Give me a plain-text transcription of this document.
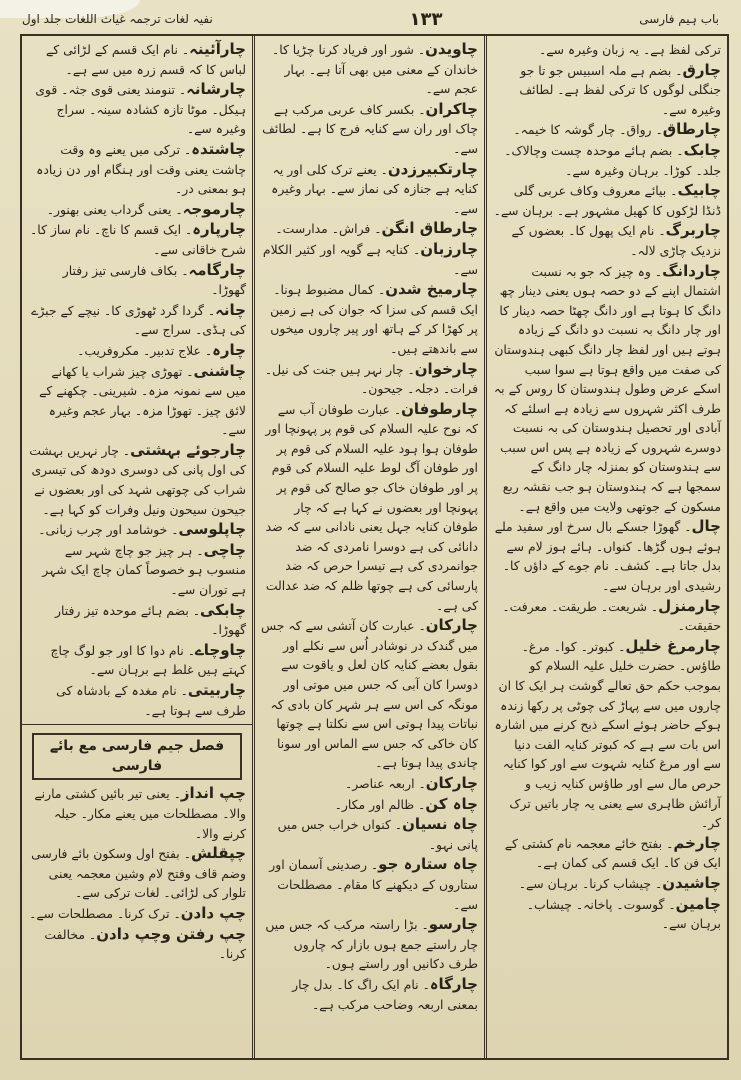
باب ہیم فارسی
۱۳۳
نفیہ لغات ترجمہ غیاث اللغات جلد اول
ترکی لفظ ہے۔ یہ زبان وغیرہ سے۔
چارق۔ بضم ہے ملہ اسبیس جو تا جو جنگلی لوگوں کا ترکی لفظ ہے۔ لطائف وغیرہ سے۔
چارطاق۔ رواق۔ چار گوشہ کا خیمہ۔
چابک۔ بضم ہائے موحدہ چست وچالاک۔ جلد۔ کوڑا۔ برہان وغیرہ سے۔
چابیک۔ بیائے معروف وکاف عربی گلی ڈنڈا لڑکوں کا کھیل مشہور ہے۔ برہان سے۔
چاربرگ۔ نام ایک پھول کا۔ بعضوں کے نزدیک چاڑی لالہ۔
چاردانگ۔ وہ چیز کہ جو بہ نسبت اشتمال اپنے کے دو حصہ ہوں یعنی دینار چھ دانگ کا ہوتا ہے اور دانگ چھٹا حصہ دینار کا اور چار دانگ بہ نسبت دو دانگ کے زیادہ ہوتے ہیں اور لفظ چار دانگ کبھی ہندوستان کی صفت میں واقع ہوتا ہے سوا سبب اسکے عرض وطول ہندوستان کا روس کے بہ طرف اکثر شہروں سے زیادہ ہے اسلئے کہ آبادی اور تحصیل ہندوستان کی بہ نسبت دوسرے شہروں کے زیادہ ہے پس اس سبب سے ہندوستان کو بمنزلہ چار دانگ کے سمجھا ہے کہ ہندوستان ہو جب نقشہ ربع مسکون کے جوتھی ولایت میں واقع ہے۔
چال۔ گھوڑا جسکے بال سرخ اور سفید ملے ہوئے ہوں گڑھا۔ کنواں۔ ہائے ہوز لام سے بدل جاتا ہے۔ کشف۔ نام جوے کے داؤں کا۔ رشیدی اور برہان سے۔
چارمنزل۔ شریعت۔ طریقت۔ معرفت۔ حقیقت۔
چارمرغ خلیل۔ کبوتر۔ کوا۔ مرغ۔ طاؤس۔ حضرت خلیل علیہ السلام کو بموجب حکم حق تعالے گوشت ہر ایک کا ان چاروں میں سے پہاڑ کی چوٹی پر رکھا زندہ ہوکے حاضر ہوئے اسکے ذبح کرنے میں اشارہ اس بات سے ہے کہ کبوتر کنایہ الفت دنیا سے اور مرغ کنایہ شہوت سے اور کوا کنایہ حرص مال سے اور طاؤس کنایہ زیب و آرائش ظاہری سے یعنی یہ چار باتیں ترک کر۔
چارخم۔ بفتح خائے معجمہ نام کشتی کے ایک فن کا۔ ایک قسم کی کمان ہے۔
چاشیدن۔ چیشاب کرنا۔ برہان سے۔
چامین۔ گوسوت۔ پاخانہ۔ چیشاب۔ برہان سے۔
چاویدن۔ شور اور فریاد کرنا چڑیا کا۔ خاندان کے معنی میں بھی آتا ہے۔ بہار عجم سے۔
چاکران۔ بکسر کاف عربی مرکب ہے چاک اور ران سے کنایہ فرج کا ہے۔ لطائف سے۔
چارتکبیرزدن۔ یعنے ترک کلی اور یہ کنایہ ہے جنازہ کی نماز سے۔ بہار وغیرہ سے۔
چارطاق انگن۔ فراش۔ مدارست۔
چارزبان۔ کنایہ ہے گویہ اور کثیر الکلام سے۔
چارمیخ شدن۔ کمال مضبوط ہونا۔ ایک قسم کی سزا کہ جوان کی ہے زمین پر کھڑا کر کے ہاتھ اور پیر چاروں میخوں سے باندھتے ہیں۔
چارخوان۔ چار نہر ہیں جنت کی نیل۔ فرات۔ دجلہ۔ جیحون۔
چارطوفان۔ عبارت طوفان آب سے کہ نوح علیہ السلام کی قوم پر پہونچا اور طوفان ہوا ہود علیہ السلام کی قوم پر اور طوفان آگ لوط علیہ السلام کی قوم پر اور طوفان خاک جو صالح کی قوم پر پہونچا اور بعضوں نے کہا ہے کہ چار طوفان کنایہ جہل یعنی نادانی سے کہ ضد دانائی کی ہے دوسرا نامردی کہ ضد جوانمردی کی ہے تیسرا حرص کہ ضد پارسائی کی ہے چوتھا ظلم کہ ضد عدالت کی ہے۔
چارکان۔ عبارت کان آتشی سے کہ جس میں گندک در نوشادر اُس سے نکلے اور بقول بعضے کنایہ کان لعل و یاقوت سے دوسرا کان آبی کہ جس میں موتی اور مونگہ کی اس سے ہر شہر کان بادی کہ نباتات پیدا ہوتی اس سے نکلتا ہے چوتھا کان خاکی کہ جس سے الماس اور سونا چاندی پیدا ہوتا ہے۔
چارکان۔ اربعہ عناصر۔
چاہ کن۔ ظالم اور مکار۔
چاہ نسیان۔ کنواں خراب جس میں پانی نہو۔
چاہ ستارہ جو۔ رصدینی آسمان اور ستاروں کے دیکھنے کا مقام۔ مصطلحات سے۔
چارسو۔ بڑا راستہ مرکب کہ جس میں چار راستے جمع ہوں بازار کہ چاروں طرف دکانیں اور راستے ہوں۔
چارگاہ۔ نام ایک راگ کا۔ بدل چار بمعنی اربعہ وضاحب مرکب ہے۔
چارآئینہ۔ نام ایک قسم کے لڑائی کے لباس کا کہ قسم زرہ میں سے ہے۔
چارشانہ۔ تنومند یعنی قوی جثہ۔ قوی ہیکل۔ موٹا تازہ کشادہ سینہ۔ سراج وغیرہ سے۔
چاشتدہ۔ ترکی میں یعنے وہ وقت چاشت یعنی وقت اور ہنگام اور دن زیادہ ہو بمعنی در۔
چارموجہ۔ یعنی گرداب یعنی بھنور۔
چارپارہ۔ ایک قسم کا ناچ۔ نام ساز کا۔ شرح خاقانی سے۔
چارگامہ۔ بکاف فارسی تیز رفتار گھوڑا۔
چانہ۔ گردا گرد ٹھوڑی کا۔ نیچے کے جبڑے کی ہڈی۔ سراج سے۔
چارہ۔ علاج تدبیر۔ مکروفریب۔
چاشنی۔ تھوڑی چیز شراب یا کھانے میں سے نمونہ مزہ۔ شیرینی۔ چکھنے کے لائق چیز۔ تھوڑا مزہ۔ بہار عجم وغیرہ سے۔
چارجوئے بہشتی۔ چار نہریں بہشت کی اول پانی کی دوسری دودھ کی تیسری شراب کی چوتھی شہد کی اور بعضوں نے جیحون سیحون ونیل وفرات کو کہا ہے۔
چاپلوسی۔ خوشامد اور چرب زبانی۔
چاچی۔ ہر چیز جو چاچ شہر سے منسوب ہو خصوصاً کمان چاچ ایک شہر ہے توران سے۔
چابکی۔ بضم ہائے موحدہ تیز رفتار گھوڑا۔
چاوچاے۔ نام دوا کا اور جو لوگ چاچ کہتے ہیں غلط ہے برہان سے۔
چاربیتی۔ نام مغدہ کے بادشاہ کی طرف سے ہوتا ہے۔
فصل جیم فارسی مع بائے فارسی
چپ انداز۔ یعنی تیر بائیں کشتی مارنے والا۔ مصطلحات میں یعنے مکار۔ حیلہ کرنے والا۔
چپقلش۔ بفتح اول وسکون بائے فارسی وضم قاف وفتح لام وشین معجمہ یعنی تلوار کی لڑائی۔ لغات ترکی سے۔
چپ دادن۔ ترک کرنا۔ مصطلحات سے۔
چپ رفتن وچپ دادن۔ مخالفت کرنا۔
